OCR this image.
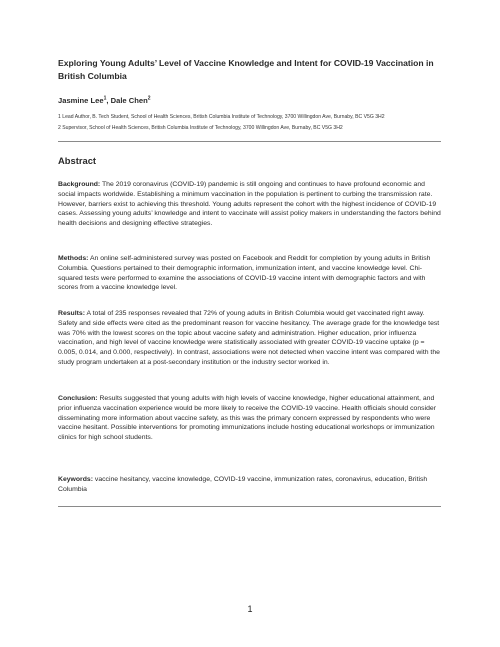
Exploring Young Adults’ Level of Vaccine Knowledge and Intent for COVID-19 Vaccination in British Columbia
Jasmine Lee$^1$, Dale Chen$^2$
1 Lead Author, B. Tech Student, School of Health Sciences, British Columbia Institute of Technology, 3700 Willingdon Ave, Burnaby, BC V5G 3H2
2 Supervisor, School of Health Sciences, British Columbia Institute of Technology, 3700 Willingdon Ave, Burnaby, BC V5G 3H2
Abstract
Background: The 2019 coronavirus (COVID-19) pandemic is still ongoing and continues to have profound economic and social impacts worldwide. Establishing a minimum vaccination in the population is pertinent to curbing the transmission rate. However, barriers exist to achieving this threshold. Young adults represent the cohort with the highest incidence of COVID-19 cases. Assessing young adults’ knowledge and intent to vaccinate will assist policy makers in understanding the factors behind health decisions and designing effective strategies.
Methods: An online self-administered survey was posted on Facebook and Reddit for completion by young adults in British Columbia. Questions pertained to their demographic information, immunization intent, and vaccine knowledge level. Chi-squared tests were performed to examine the associations of COVID-19 vaccine intent with demographic factors and with scores from a vaccine knowledge level.
Results: A total of 235 responses revealed that 72% of young adults in British Columbia would get vaccinated right away. Safety and side effects were cited as the predominant reason for vaccine hesitancy. The average grade for the knowledge test was 70% with the lowest scores on the topic about vaccine safety and administration. Higher education, prior influenza vaccination, and high level of vaccine knowledge were statistically associated with greater COVID-19 vaccine uptake (p = 0.005, 0.014, and 0.000, respectively). In contrast, associations were not detected when vaccine intent was compared with the study program undertaken at a post-secondary institution or the industry sector worked in.
Conclusion: Results suggested that young adults with high levels of vaccine knowledge, higher educational attainment, and prior influenza vaccination experience would be more likely to receive the COVID-19 vaccine. Health officials should consider disseminating more information about vaccine safety, as this was the primary concern expressed by respondents who were vaccine hesitant. Possible interventions for promoting immunizations include hosting educational workshops or immunization clinics for high school students.
Keywords: vaccine hesitancy, vaccine knowledge, COVID-19 vaccine, immunization rates, coronavirus, education, British Columbia
1
